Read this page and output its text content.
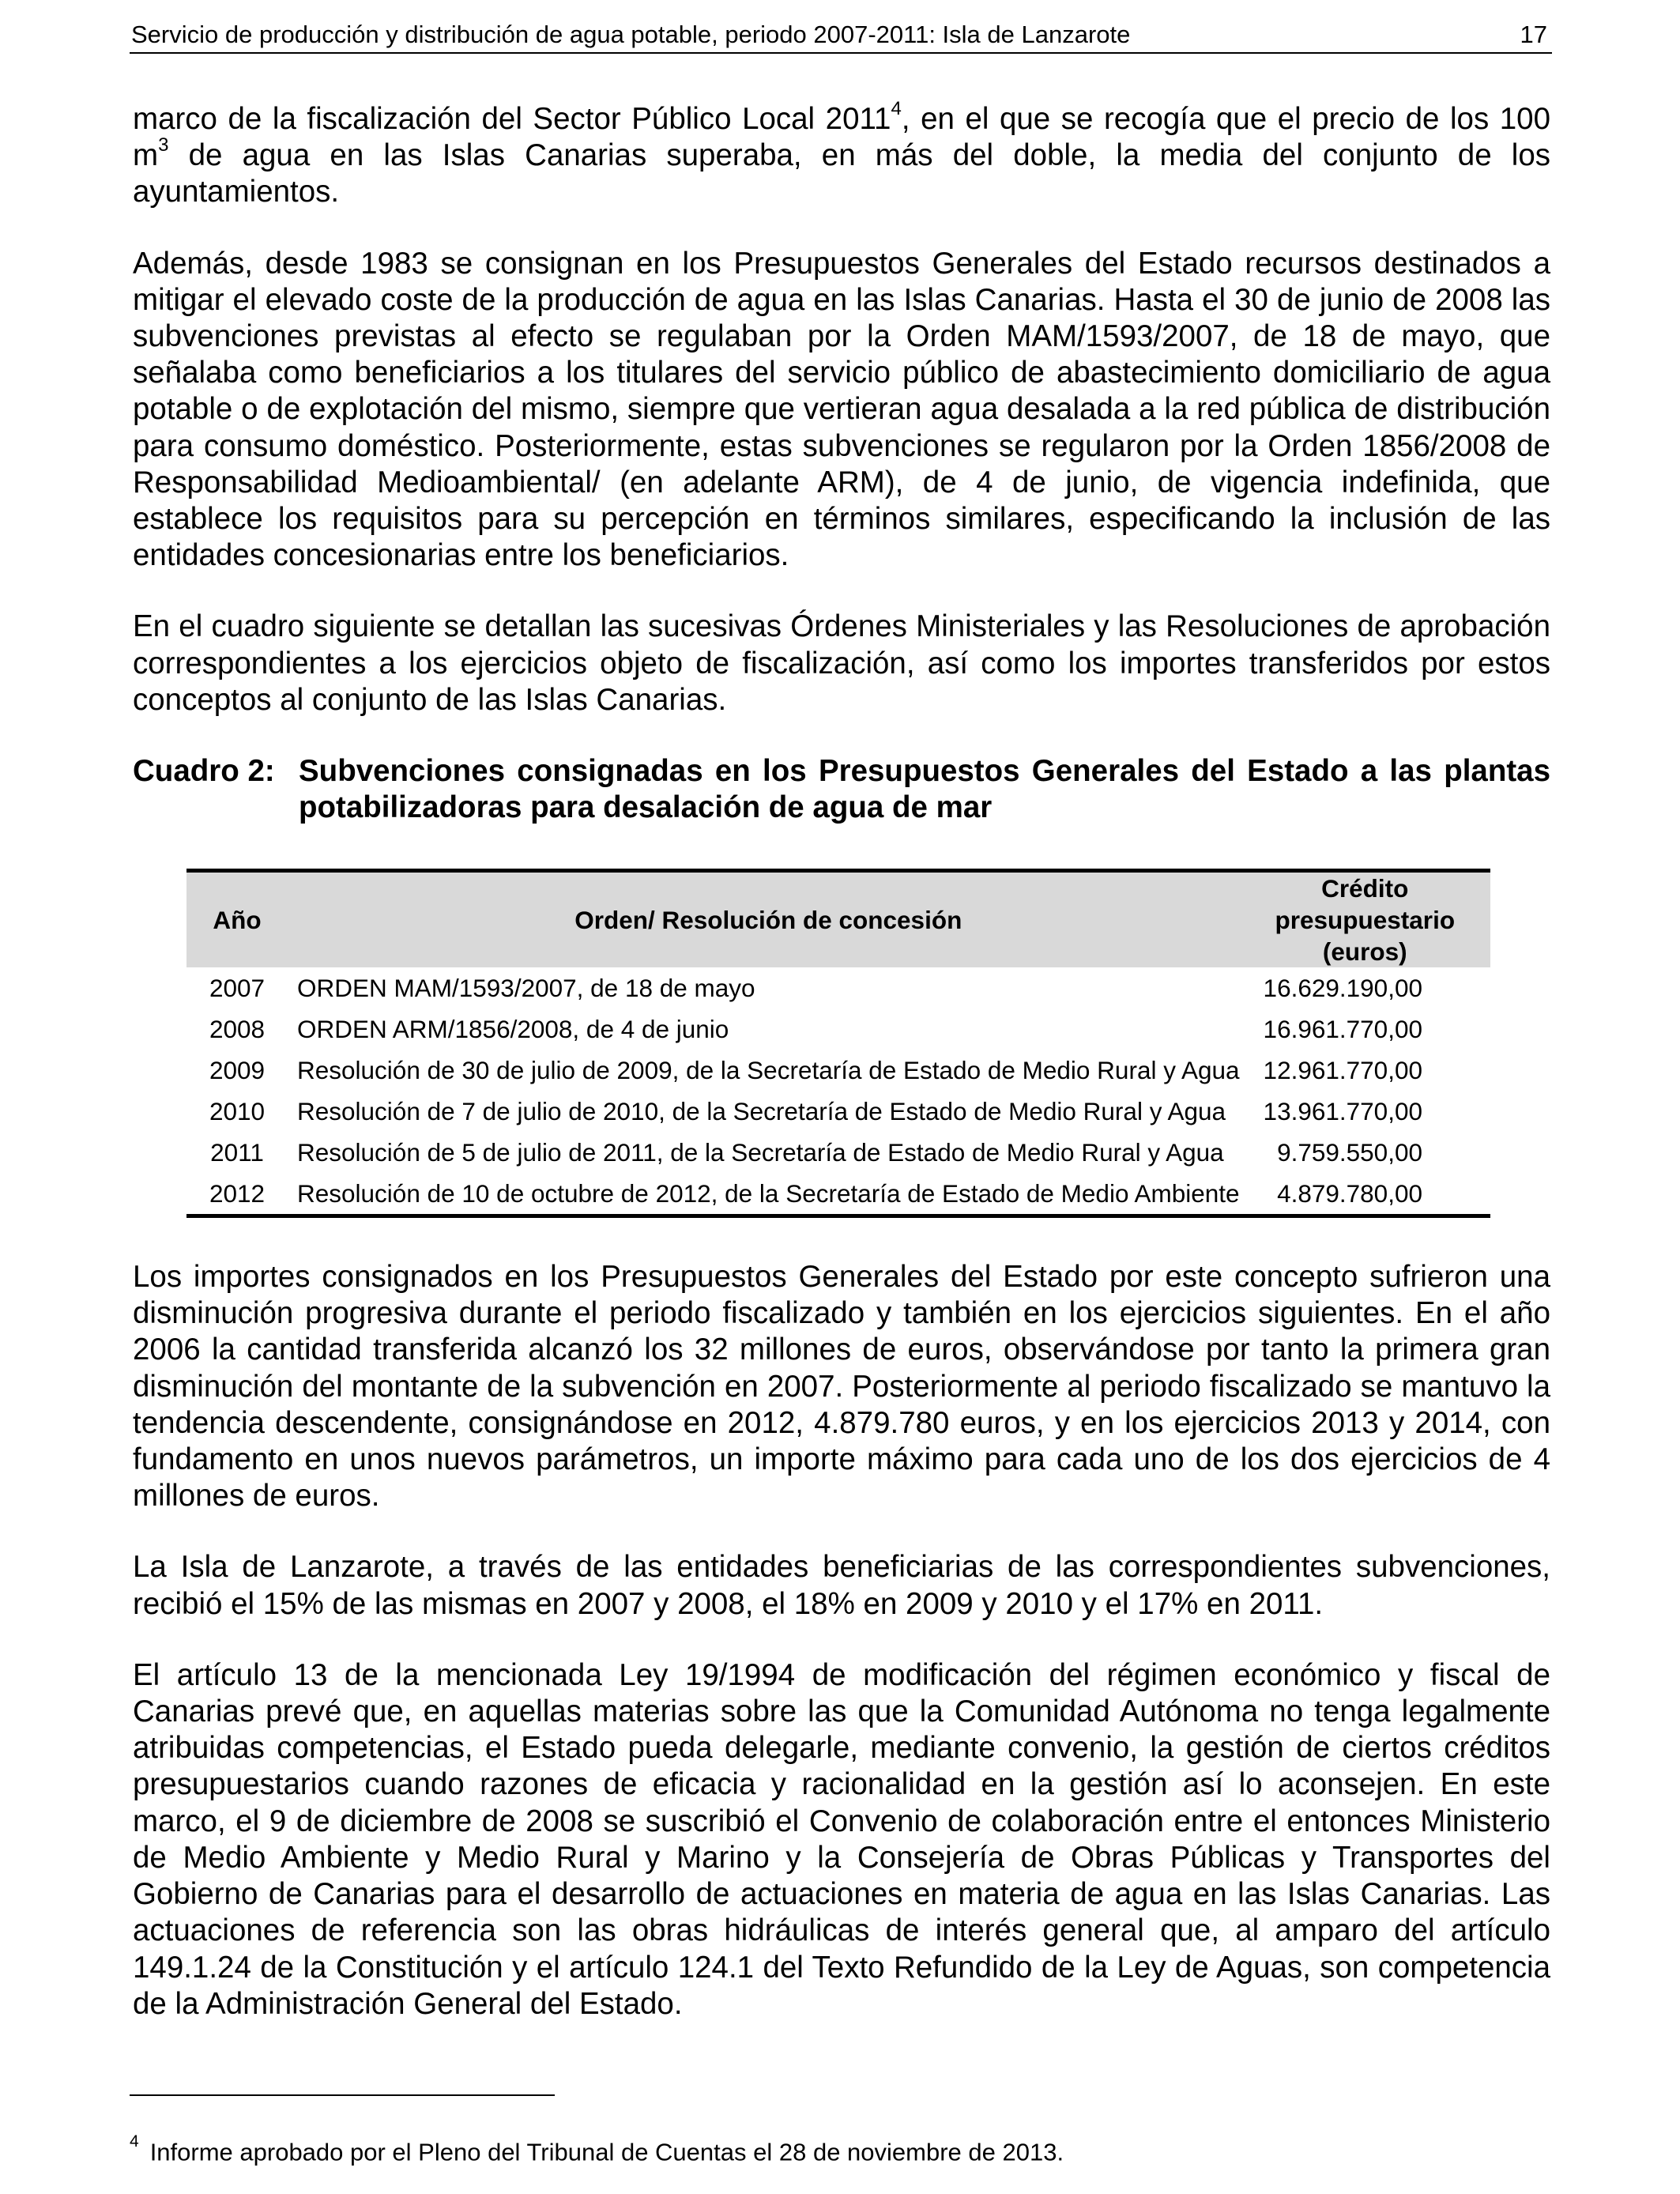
Servicio de producción y distribución de agua potable, periodo 2007-2011: Isla de Lanzarote	17

marco de la fiscalización del Sector Público Local 2011$^4$, en el que se recogía que el precio de los 100 $m^3$ de agua en las Islas Canarias superaba, en más del doble, la media del conjunto de los ayuntamientos.

Además, desde 1983 se consignan en los Presupuestos Generales del Estado recursos destinados a mitigar el elevado coste de la producción de agua en las Islas Canarias. Hasta el 30 de junio de 2008 las subvenciones previstas al efecto se regulaban por la Orden MAM/1593/2007, de 18 de mayo, que señalaba como beneficiarios a los titulares del servicio público de abastecimiento domiciliario de agua potable o de explotación del mismo, siempre que vertieran agua desalada a la red pública de distribución para consumo doméstico. Posteriormente, estas subvenciones se regularon por la Orden 1856/2008 de Responsabilidad Medioambiental/ (en adelante ARM), de 4 de junio, de vigencia indefinida, que establece los requisitos para su percepción en términos similares, especificando la inclusión de las entidades concesionarias entre los beneficiarios.

En el cuadro siguiente se detallan las sucesivas Órdenes Ministeriales y las Resoluciones de aprobación correspondientes a los ejercicios objeto de fiscalización, así como los importes transferidos por estos conceptos al conjunto de las Islas Canarias.

Cuadro 2: Subvenciones consignadas en los Presupuestos Generales del Estado a las plantas potabilizadoras para desalación de agua de mar
Año	Orden/ Resolución de concesión	Crédito presupuestario
(euros)
2007	ORDEN MAM/1593/2007, de 18 de mayo	16.629.190,00
2008	ORDEN ARM/1856/2008, de 4 de junio	16.961.770,00
2009	Resolución de 30 de julio de 2009, de la Secretaría de Estado de Medio Rural y Agua	12.961.770,00
2010	Resolución de 7 de julio de 2010, de la Secretaría de Estado de Medio Rural y Agua	13.961.770,00
2011	Resolución de 5 de julio de 2011, de la Secretaría de Estado de Medio Rural y Agua	9.759.550,00
2012	Resolución de 10 de octubre de 2012, de la Secretaría de Estado de Medio Ambiente	4.879.780,00

Los importes consignados en los Presupuestos Generales del Estado por este concepto sufrieron una disminución progresiva durante el periodo fiscalizado y también en los ejercicios siguientes. En el año 2006 la cantidad transferida alcanzó los 32 millones de euros, observándose por tanto la primera gran disminución del montante de la subvención en 2007. Posteriormente al periodo fiscalizado se mantuvo la tendencia descendente, consignándose en 2012, 4.879.780 euros, y en los ejercicios 2013 y 2014, con fundamento en unos nuevos parámetros, un importe máximo para cada uno de los dos ejercicios de 4 millones de euros.

La Isla de Lanzarote, a través de las entidades beneficiarias de las correspondientes subvenciones, recibió el 15% de las mismas en 2007 y 2008, el 18% en 2009 y 2010 y el 17% en 2011.

El artículo 13 de la mencionada Ley 19/1994 de modificación del régimen económico y fiscal de Canarias prevé que, en aquellas materias sobre las que la Comunidad Autónoma no tenga legalmente atribuidas competencias, el Estado pueda delegarle, mediante convenio, la gestión de ciertos créditos presupuestarios cuando razones de eficacia y racionalidad en la gestión así lo aconsejen. En este marco, el 9 de diciembre de 2008 se suscribió el Convenio de colaboración entre el entonces Ministerio de Medio Ambiente y Medio Rural y Marino y la Consejería de Obras Públicas y Transportes del Gobierno de Canarias para el desarrollo de actuaciones en materia de agua en las Islas Canarias. Las actuaciones de referencia son las obras hidráulicas de interés general que, al amparo del artículo 149.1.24 de la Constitución y el artículo 124.1 del Texto Refundido de la Ley de Aguas, son competencia de la Administración General del Estado.

$^4$ Informe aprobado por el Pleno del Tribunal de Cuentas el 28 de noviembre de 2013.
